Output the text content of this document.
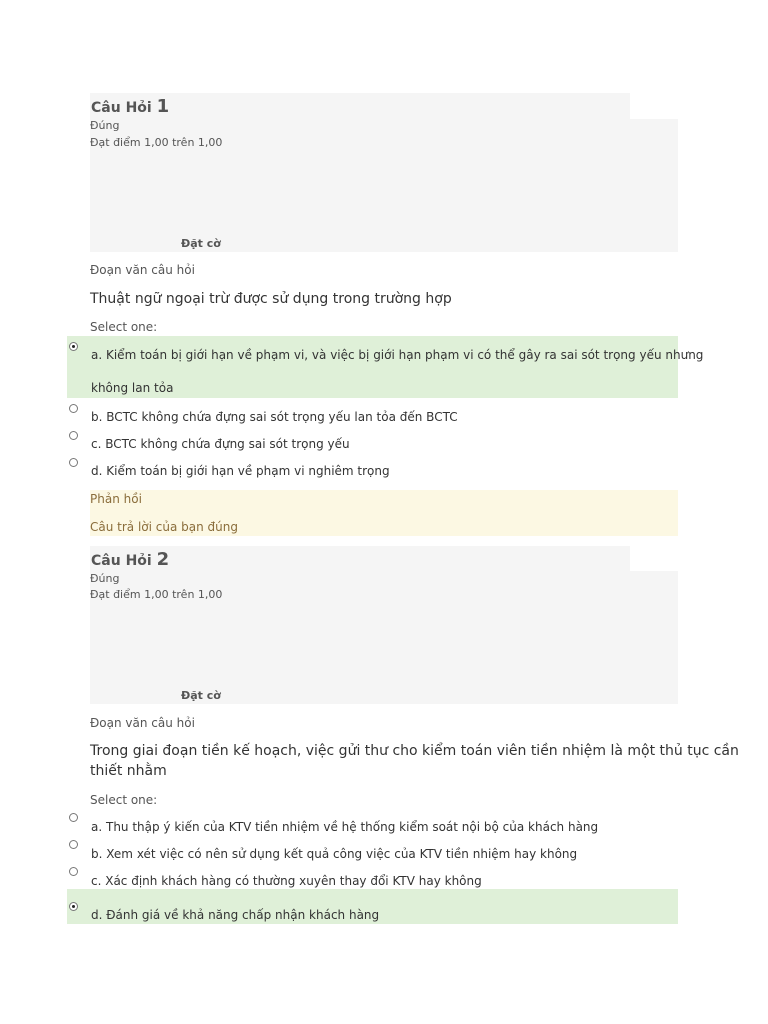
Câu Hỏi 1
Đúng
Đạt điểm 1,00 trên 1,00
Đặt cờ
Đoạn văn câu hỏi
Thuật ngữ ngoại trừ được sử dụng trong trường hợp
Select one:
a. Kiểm toán bị giới hạn về phạm vi, và việc bị giới hạn phạm vi có thể gây ra sai sót trọng yếu nhưng
không lan tỏa
b. BCTC không chứa đựng sai sót trọng yếu lan tỏa đến BCTC
c. BCTC không chứa đựng sai sót trọng yếu
d. Kiểm toán bị giới hạn về phạm vi nghiêm trọng
Phản hồi
Câu trả lời của bạn đúng
Câu Hỏi 2
Đúng
Đạt điểm 1,00 trên 1,00
Đặt cờ
Đoạn văn câu hỏi
Trong giai đoạn tiền kế hoạch, việc gửi thư cho kiểm toán viên tiền nhiệm là một thủ tục cần
thiết nhằm
Select one:
a. Thu thập ý kiến của KTV tiền nhiệm về hệ thống kiểm soát nội bộ của khách hàng
b. Xem xét việc có nên sử dụng kết quả công việc của KTV tiền nhiệm hay không
c. Xác định khách hàng có thường xuyên thay đổi KTV hay không
d. Đánh giá về khả năng chấp nhận khách hàng
